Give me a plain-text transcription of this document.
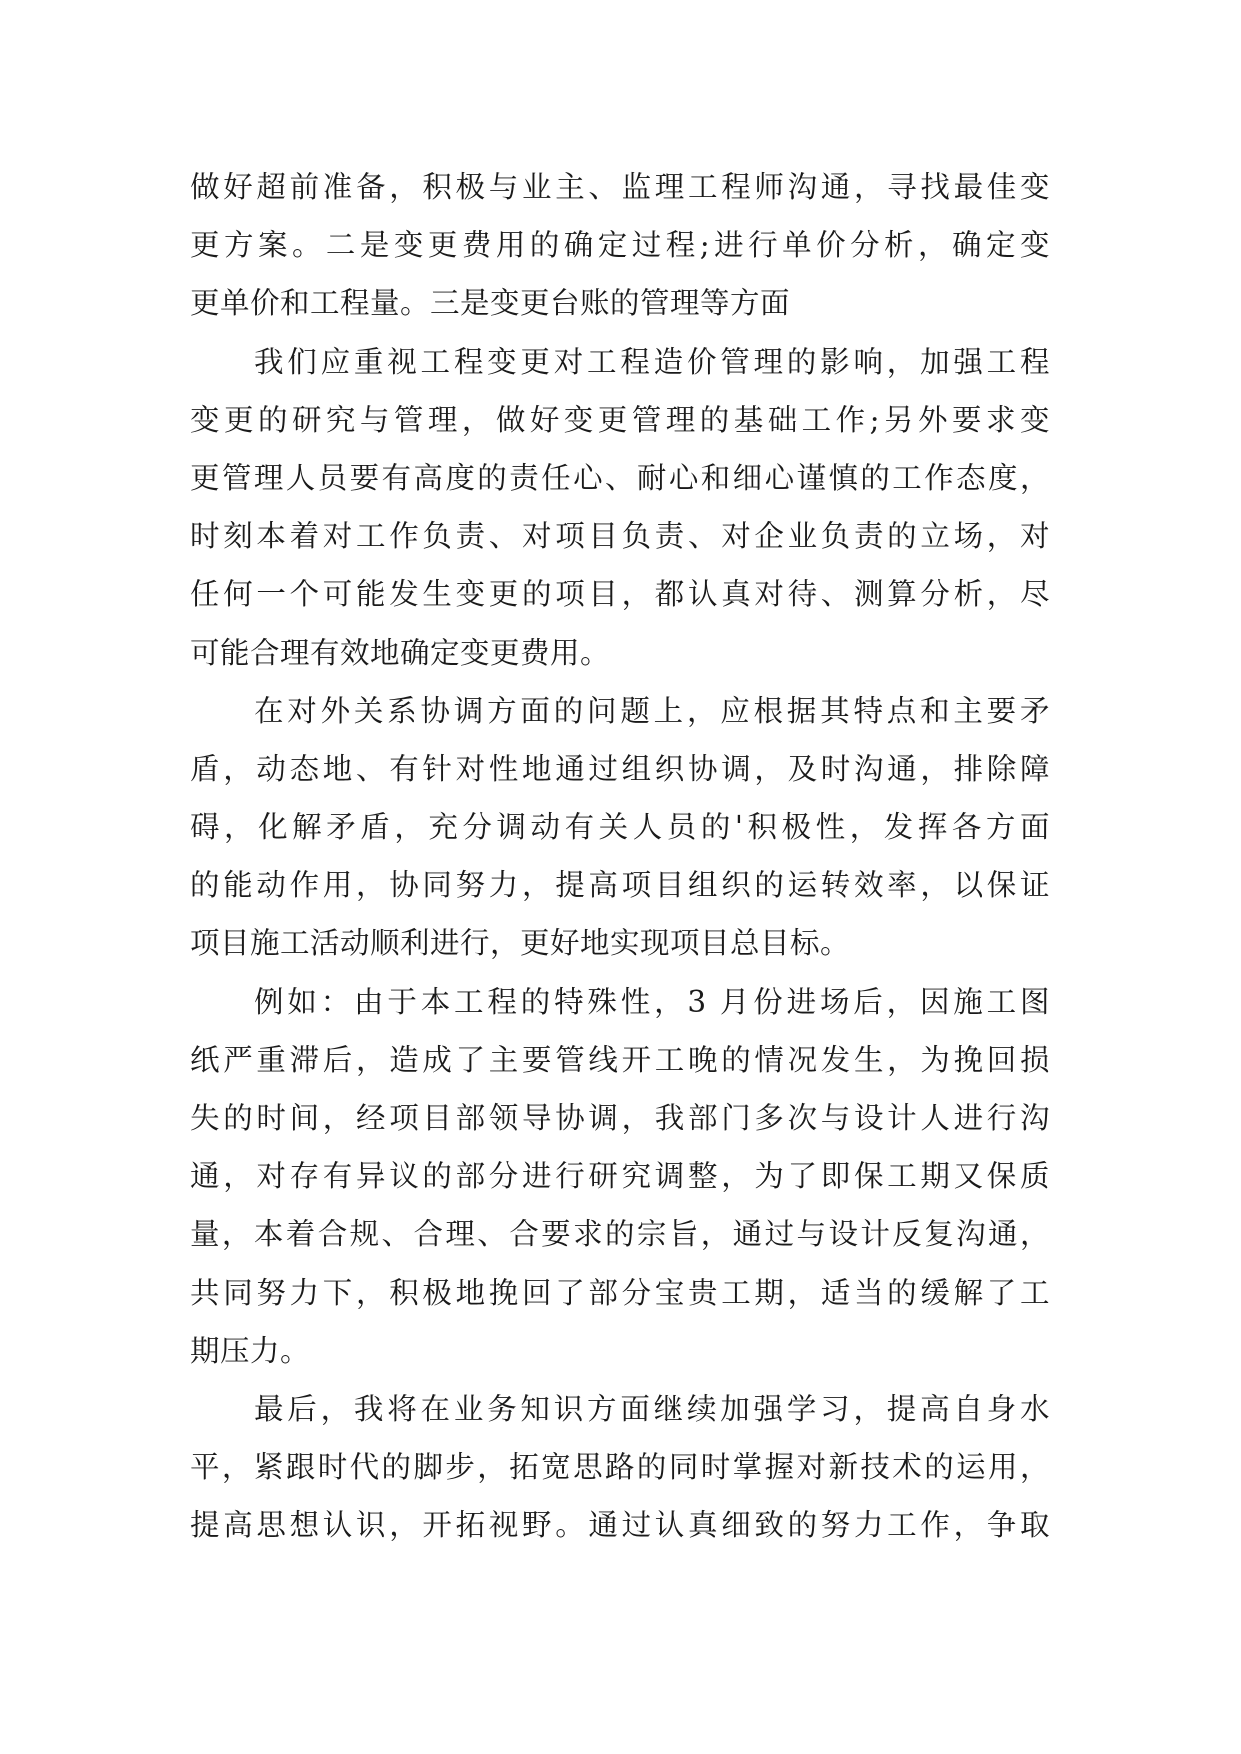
做好超前准备，积极与业主、监理工程师沟通，寻找最佳变
更方案。二是变更费用的确定过程;进行单价分析，确定变
更单价和工程量。三是变更台账的管理等方面
我们应重视工程变更对工程造价管理的影响，加强工程
变更的研究与管理，做好变更管理的基础工作;另外要求变
更管理人员要有高度的责任心、耐心和细心谨慎的工作态度，
时刻本着对工作负责、对项目负责、对企业负责的立场，对
任何一个可能发生变更的项目，都认真对待、测算分析，尽
可能合理有效地确定变更费用。
在对外关系协调方面的问题上，应根据其特点和主要矛
盾，动态地、有针对性地通过组织协调，及时沟通，排除障
碍，化解矛盾，充分调动有关人员的'积极性，发挥各方面
的能动作用，协同努力，提高项目组织的运转效率，以保证
项目施工活动顺利进行，更好地实现项目总目标。
例如：由于本工程的特殊性，3 月份进场后，因施工图
纸严重滞后，造成了主要管线开工晚的情况发生，为挽回损
失的时间，经项目部领导协调，我部门多次与设计人进行沟
通，对存有异议的部分进行研究调整，为了即保工期又保质
量，本着合规、合理、合要求的宗旨，通过与设计反复沟通，
共同努力下，积极地挽回了部分宝贵工期，适当的缓解了工
期压力。
最后，我将在业务知识方面继续加强学习，提高自身水
平，紧跟时代的脚步，拓宽思路的同时掌握对新技术的运用，
提高思想认识，开拓视野。通过认真细致的努力工作，争取
